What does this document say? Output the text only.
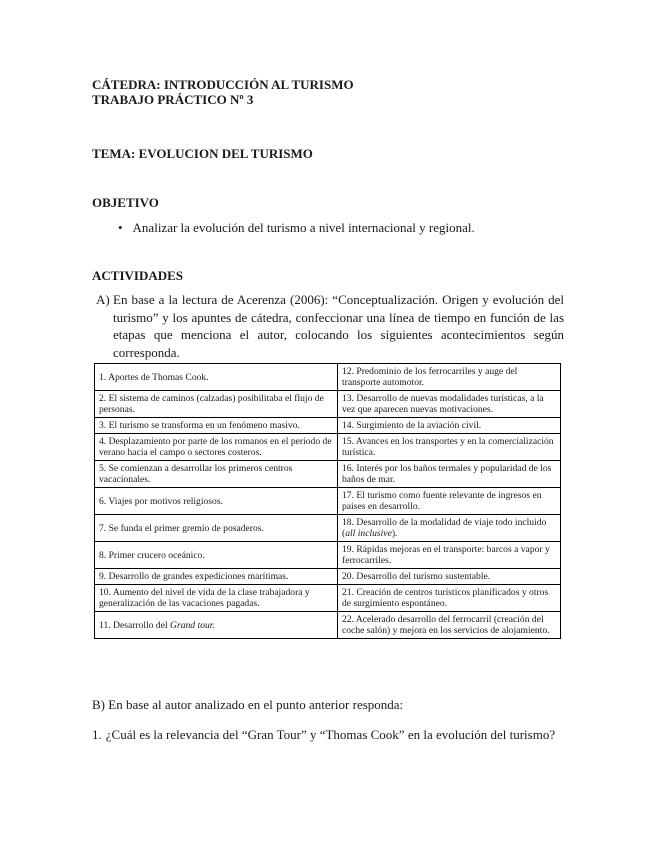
CÁTEDRA: INTRODUCCIÓN AL TURISMO
TRABAJO PRÁCTICO Nº 3
TEMA: EVOLUCION DEL TURISMO
OBJETIVO
• Analizar la evolución del turismo a nivel internacional y regional.
ACTIVIDADES
A) En base a la lectura de Acerenza (2006): “Conceptualización. Origen y evolución del turismo” y los apuntes de cátedra, confeccionar una línea de tiempo en función de las etapas que menciona el autor, colocando los siguientes acontecimientos según corresponda.
1. Aportes de Thomas Cook.	12. Predominio de los ferrocarriles y auge del transporte automotor.
2. El sistema de caminos (calzadas) posibilitaba el flujo de personas.	13. Desarrollo de nuevas modalidades turísticas, a la vez que aparecen nuevas motivaciones.
3. El turismo se transforma en un fenómeno masivo.	14. Surgimiento de la aviación civil.
4. Desplazamiento por parte de los romanos en el período de verano hacia el campo o sectores costeros.	15. Avances en los transportes y en la comercialización turística.
5. Se comienzan a desarrollar los primeros centros vacacionales.	16. Interés por los baños termales y popularidad de los baños de mar.
6. Viajes por motivos religiosos.	17. El turismo como fuente relevante de ingresos en países en desarrollo.
7. Se funda el primer gremio de posaderos.	18. Desarrollo de la modalidad de viaje todo incluido (all inclusive).
8. Primer crucero oceánico.	19. Rápidas mejoras en el transporte: barcos a vapor y ferrocarriles.
9. Desarrollo de grandes expediciones marítimas.	20. Desarrollo del turismo sustentable.
10. Aumento del nivel de vida de la clase trabajadora y generalización de las vacaciones pagadas.	21. Creación de centros turísticos planificados y otros de surgimiento espontáneo.
11. Desarrollo del Grand tour.	22. Acelerado desarrollo del ferrocarril (creación del coche salón) y mejora en los servicios de alojamiento.
B) En base al autor analizado en el punto anterior responda:
1. ¿Cuál es la relevancia del “Gran Tour” y “Thomas Cook” en la evolución del turismo?
